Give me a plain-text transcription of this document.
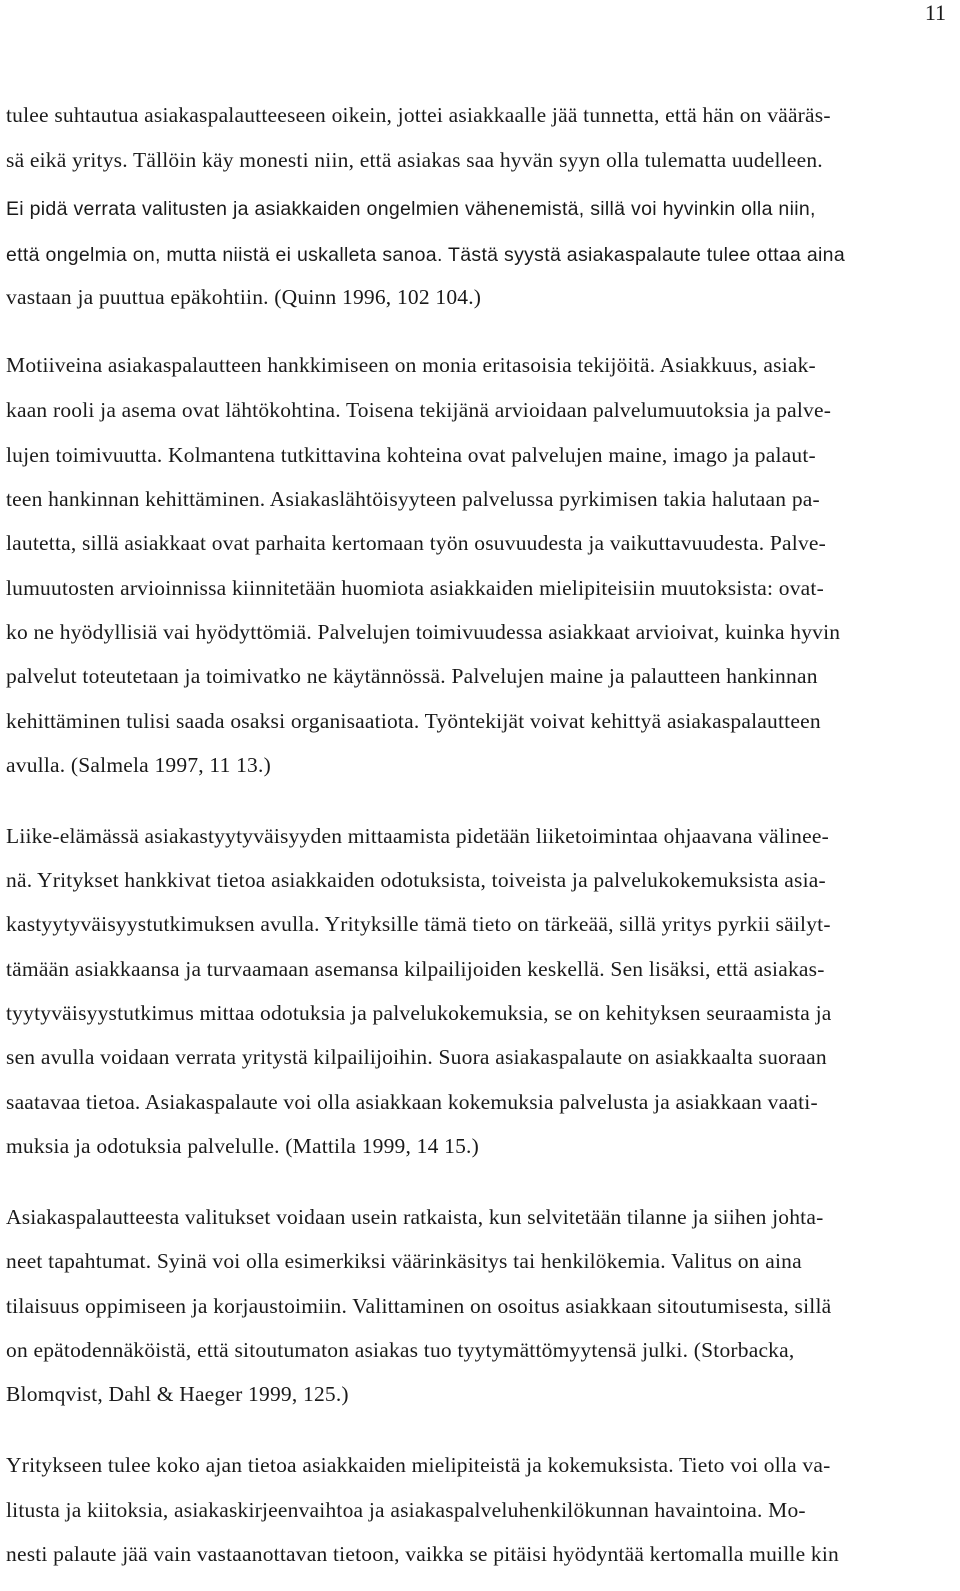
11
tulee suhtautua asiakaspalautteeseen oikein, jottei asiakkaalle jää tunnetta, että hän on vääräs-
sä eikä yritys. Tällöin käy monesti niin, että asiakas saa hyvän syyn olla tulematta uudelleen.
Ei pidä verrata valitusten ja asiakkaiden ongelmien vähenemistä, sillä voi hyvinkin olla niin,
että ongelmia on, mutta niistä ei uskalleta sanoa. Tästä syystä asiakaspalaute tulee ottaa aina
vastaan ja puuttua epäkohtiin. (Quinn 1996, 102 104.)
Motiiveina asiakaspalautteen hankkimiseen on monia eritasoisia tekijöitä. Asiakkuus, asiak-
kaan rooli ja asema ovat lähtökohtina. Toisena tekijänä arvioidaan palvelumuutoksia ja palve-
lujen toimivuutta. Kolmantena tutkittavina kohteina ovat palvelujen maine, imago ja palaut-
teen hankinnan kehittäminen. Asiakaslähtöisyyteen palvelussa pyrkimisen takia halutaan pa-
lautetta, sillä asiakkaat ovat parhaita kertomaan työn osuvuudesta ja vaikuttavuudesta. Palve-
lumuutosten arvioinnissa kiinnitetään huomiota asiakkaiden mielipiteisiin muutoksista: ovat-
ko ne hyödyllisiä vai hyödyttömiä. Palvelujen toimivuudessa asiakkaat arvioivat, kuinka hyvin
palvelut toteutetaan ja toimivatko ne käytännössä. Palvelujen maine ja palautteen hankinnan
kehittäminen tulisi saada osaksi organisaatiota. Työntekijät voivat kehittyä asiakaspalautteen
avulla. (Salmela 1997, 11 13.)
Liike-elämässä asiakastyytyväisyyden mittaamista pidetään liiketoimintaa ohjaavana välinee-
nä. Yritykset hankkivat tietoa asiakkaiden odotuksista, toiveista ja palvelukokemuksista asia-
kastyytyväisyystutkimuksen avulla. Yrityksille tämä tieto on tärkeää, sillä yritys pyrkii säilyt-
tämään asiakkaansa ja turvaamaan asemansa kilpailijoiden keskellä. Sen lisäksi, että asiakas-
tyytyväisyystutkimus mittaa odotuksia ja palvelukokemuksia, se on kehityksen seuraamista ja
sen avulla voidaan verrata yritystä kilpailijoihin. Suora asiakaspalaute on asiakkaalta suoraan
saatavaa tietoa. Asiakaspalaute voi olla asiakkaan kokemuksia palvelusta ja asiakkaan vaati-
muksia ja odotuksia palvelulle. (Mattila 1999, 14 15.)
Asiakaspalautteesta valitukset voidaan usein ratkaista, kun selvitetään tilanne ja siihen johta-
neet tapahtumat. Syinä voi olla esimerkiksi väärinkäsitys tai henkilökemia. Valitus on aina
tilaisuus oppimiseen ja korjaustoimiin. Valittaminen on osoitus asiakkaan sitoutumisesta, sillä
on epätodennäköistä, että sitoutumaton asiakas tuo tyytymättömyytensä julki. (Storbacka,
Blomqvist, Dahl & Haeger 1999, 125.)
Yritykseen tulee koko ajan tietoa asiakkaiden mielipiteistä ja kokemuksista. Tieto voi olla va-
litusta ja kiitoksia, asiakaskirjeenvaihtoa ja asiakaspalveluhenkilökunnan havaintoina. Mo-
nesti palaute jää vain vastaanottavan tietoon, vaikka se pitäisi hyödyntää kertomalla muille kin
